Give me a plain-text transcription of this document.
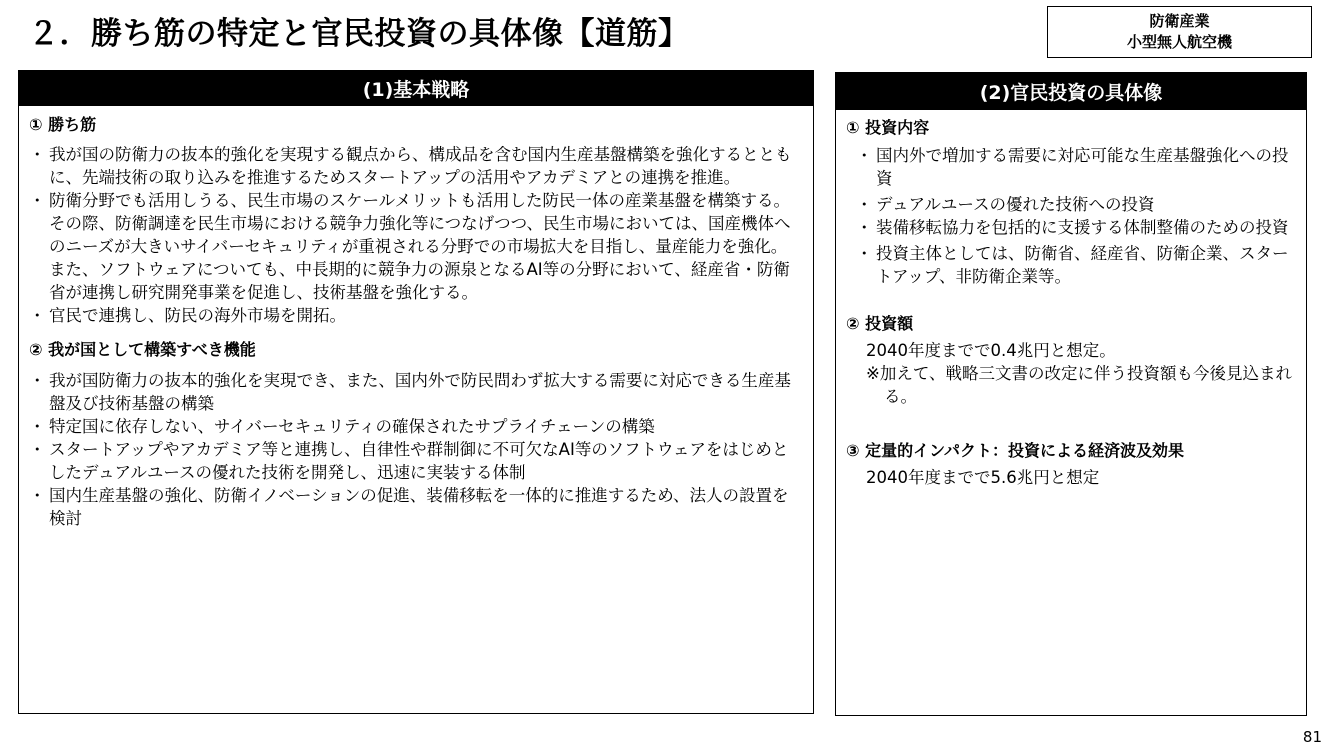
２．勝ち筋の特定と官民投資の具体像【道筋】	防衛産業
小型無人航空機
(1)基本戦略
① 勝ち筋
・ 我が国の防衛力の抜本的強化を実現する観点から、構成品を含む国内生産基盤構築を強化するとともに、先端技術の取り込みを推進するためスタートアップの活用やアカデミアとの連携を推進。
・ 防衛分野でも活用しうる、民生市場のスケールメリットも活用した防民一体の産業基盤を構築する。その際、防衛調達を民生市場における競争力強化等につなげつつ、民生市場においては、国産機体へのニーズが大きいサイバーセキュリティが重視される分野での市場拡大を目指し、量産能力を強化。また、ソフトウェアについても、中長期的に競争力の源泉となるAI等の分野において、経産省・防衛省が連携し研究開発事業を促進し、技術基盤を強化する。
・ 官民で連携し、防民の海外市場を開拓。
② 我が国として構築すべき機能
・ 我が国防衛力の抜本的強化を実現でき、また、国内外で防民問わず拡大する需要に対応できる生産基盤及び技術基盤の構築
・ 特定国に依存しない、サイバーセキュリティの確保されたサプライチェーンの構築
・ スタートアップやアカデミア等と連携し、自律性や群制御に不可欠なAI等のソフトウェアをはじめとしたデュアルユースの優れた技術を開発し、迅速に実装する体制
・ 国内生産基盤の強化、防衛イノベーションの促進、装備移転を一体的に推進するため、法人の設置を検討
(2)官民投資の具体像
① 投資内容
・ 国内外で増加する需要に対応可能な生産基盤強化への投資
・ デュアルユースの優れた技術への投資
・ 装備移転協力を包括的に支援する体制整備のための投資
・ 投資主体としては、防衛省、経産省、防衛企業、スタートアップ、非防衛企業等。
② 投資額
2040年度までで0.4兆円と想定。
※加えて、戦略三文書の改定に伴う投資額も今後見込まれる。
③ 定量的インパクト：投資による経済波及効果
2040年度までで5.6兆円と想定
81
